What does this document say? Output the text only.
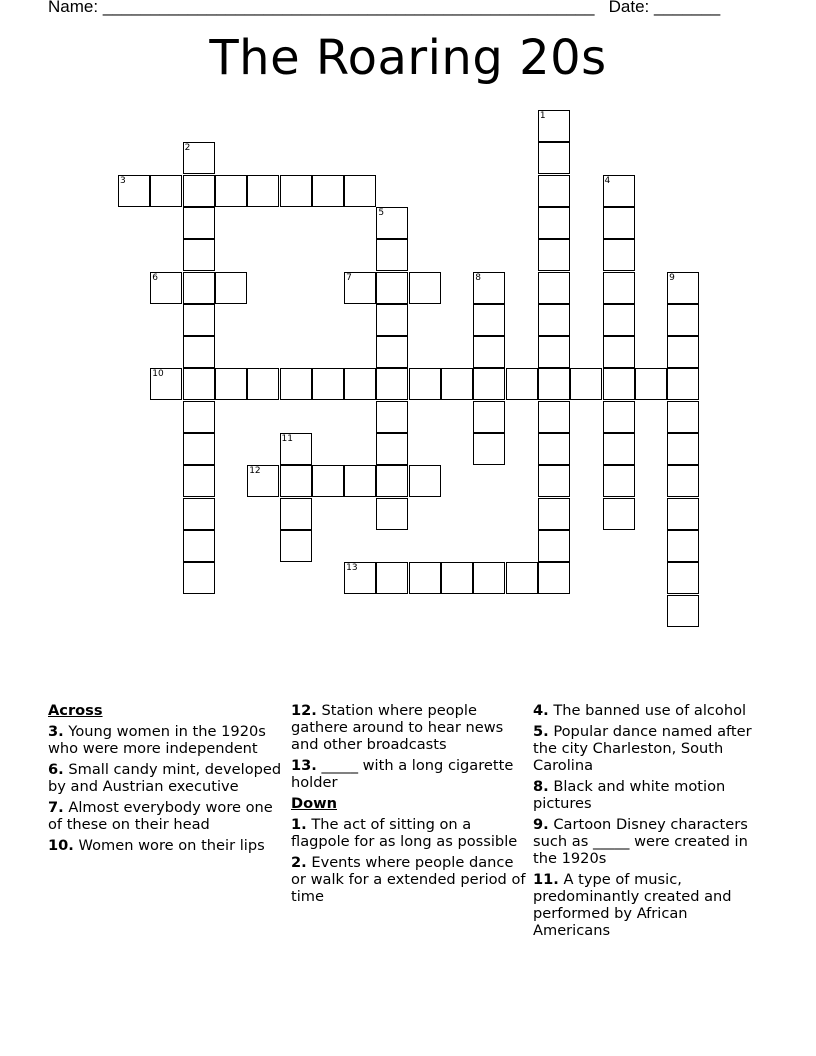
Name: ____________________________________________________ Date: _______
The Roaring 20s
1
2
3	4
5
6	7	8	9
10
11
12
13
Across
3. Young women in the 1920s who were more independent
6. Small candy mint, developed by and Austrian executive
7. Almost everybody wore one of these on their head
10. Women wore on their lips
12. Station where people gathere around to hear news and other broadcasts
13. _____ with a long cigarette holder
Down
1. The act of sitting on a flagpole for as long as possible
2. Events where people dance or walk for a extended period of time
4. The banned use of alcohol
5. Popular dance named after the city Charleston, South Carolina
8. Black and white motion pictures
9. Cartoon Disney characters such as _____ were created in the 1920s
11. A type of music, predominantly created and performed by African Americans
